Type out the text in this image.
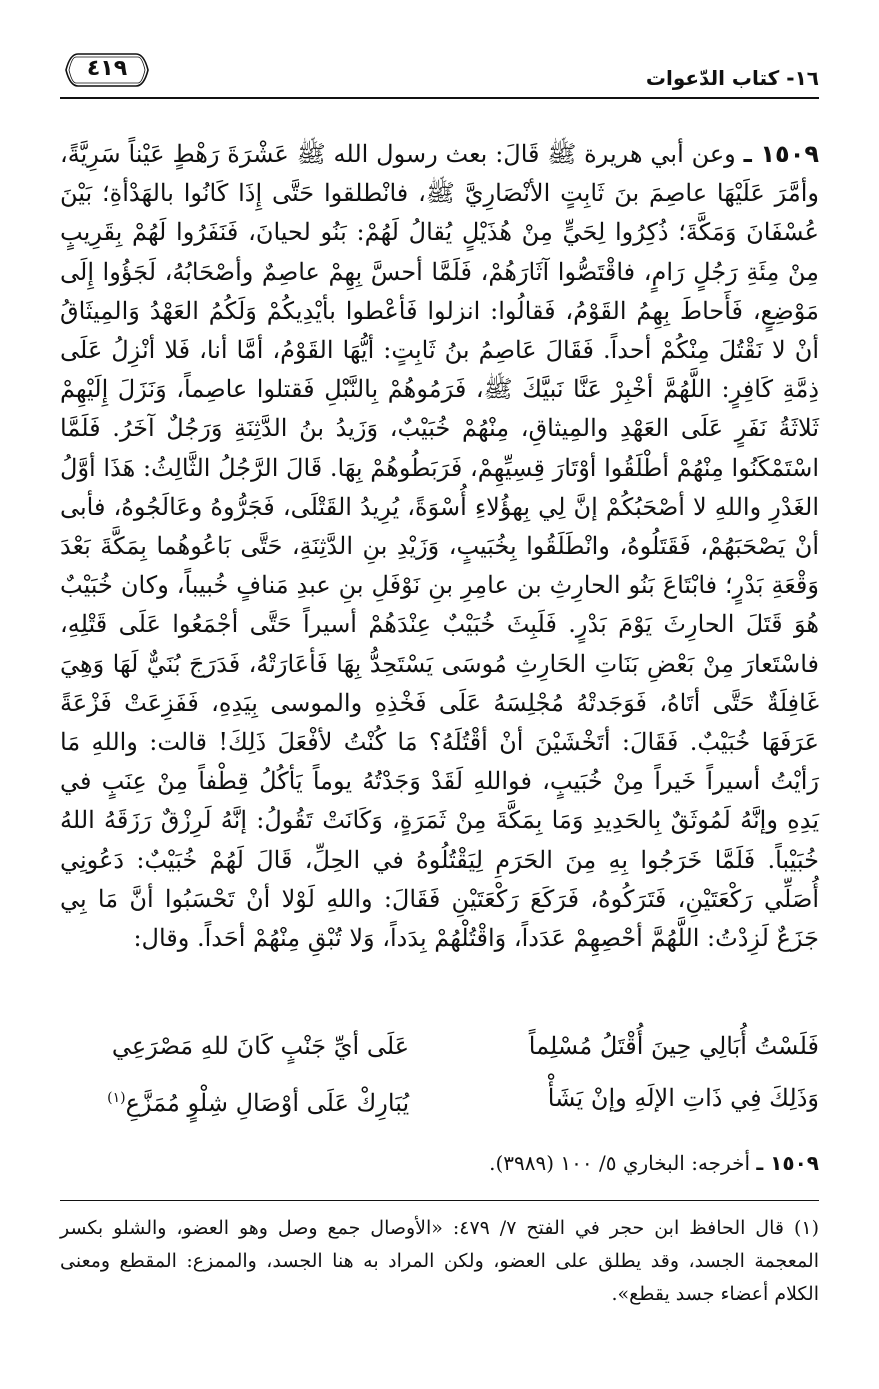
١٦- كتاب الدّعوات
٤١٩
١٥٠٩ ـ وعن أبي هريرة ﷺ قَالَ: بعث رسول الله ﷺ عَشْرَةَ رَهْطٍ عَيْناً سَرِيَّةً، وأمَّرَ عَلَيْهَا عاصِمَ بنَ ثَابِتٍ الأنْصَارِيَّ ﷺ، فانْطلقوا حَتَّى إِذَا كَانُوا بالهَدْأةِ؛ بَيْنَ عُسْفَانَ وَمَكَّةَ؛ ذُكِرُوا لِحَيٍّ مِنْ هُذَيْلٍ يُقالُ لَهُمْ: بَنُو لحيانَ، فَنَفَرُوا لَهُمْ بِقَرِيبٍ مِنْ مِئَةِ رَجُلٍ رَامٍ، فاقْتَصُّوا آثَارَهُمْ، فَلَمَّا أحسَّ بِهِمْ عاصِمٌ وأصْحَابُهُ، لَجَؤُوا إِلَى مَوْضِعٍ، فَأَحاطَ بِهِمُ القَوْمُ، فَقالُوا: انزلوا فَأعْطوا بأيْدِيكُمْ وَلَكُمُ العَهْدُ وَالمِيثَاقُ أنْ لا نَقْتُلَ مِنْكُمْ أحداً. فَقَالَ عَاصِمُ بنُ ثَابِتٍ: أيُّهَا القَوْمُ، أمَّا أنا، فَلا أنْزِلُ عَلَى ذِمَّةِ كَافِرٍ: اللَّهُمَّ أخْبِرْ عَنَّا نَبيَّكَ ﷺ، فَرَمُوهُمْ بِالنَّبْلِ فَقتلوا عاصِماً، وَنَزَلَ إِلَيْهِمْ ثَلاثَةُ نَفَرٍ عَلَى العَهْدِ والمِيثاقِ، مِنْهُمْ خُبَيْبٌ، وَزَيدُ بنُ الدَّثِنَةِ وَرَجُلٌ آخَرُ. فَلَمَّا اسْتَمْكَنُوا مِنْهُمْ أطْلَقُوا أوْتَارَ قِسِيِّهِمْ، فَرَبَطُوهُمْ بِهَا. قَالَ الرَّجُلُ الثَّالِثُ: هَذَا أوَّلُ الغَدْرِ واللهِ لا أصْحَبُكُمْ إنَّ لِي بِهؤُلاءِ أُسْوَةً، يُرِيدُ القَتْلَى، فَجَرُّوهُ وعَالَجُوهُ، فأبى أنْ يَصْحَبَهُمْ، فَقَتَلُوهُ، وانْطَلَقُوا بِخُبَيبٍ، وَزَيْدِ بنِ الدَّثِنَةِ، حَتَّى بَاعُوهُما بِمَكَّةَ بَعْدَ وَقْعَةِ بَدْرٍ؛ فابْتَاعَ بَنُو الحارِثِ بن عامِرِ بنِ نَوْفَلِ بنِ عبدِ مَنافٍ خُبيباً، وكان خُبَيْبٌ هُوَ قَتَلَ الحارِثَ يَوْمَ بَدْرٍ. فَلَبِثَ خُبَيْبٌ عِنْدَهُمْ أسيراً حَتَّى أجْمَعُوا عَلَى قَتْلِهِ، فاسْتَعارَ مِنْ بَعْضِ بَنَاتِ الحَارِثِ مُوسَى يَسْتَحِدُّ بِهَا فَأعَارَتْهُ، فَدَرَجَ بُنَيٌّ لَهَا وَهِيَ غَافِلَةٌ حَتَّى أتَاهُ، فَوَجَدتْهُ مُجْلِسَهُ عَلَى فَخْذِهِ والموسى بِيَدِهِ، فَفَزِعَتْ فَزْعَةً عَرَفَهَا خُبَيْبٌ. فَقَالَ: أتَخْشَيْنَ أنْ أقْتُلَهُ؟ مَا كُنْتُ لأفْعَلَ ذَلِكَ! قالت: واللهِ مَا رَأيْتُ أسيراً خَيراً مِنْ خُبَيبٍ، فواللهِ لَقَدْ وَجَدْتُهُ يوماً يَأكُلُ قِطْفاً مِنْ عِنَبٍ في يَدِهِ وإنَّهُ لَمُوثَقٌ بِالحَدِيدِ وَمَا بِمَكَّةَ مِنْ ثَمَرَةٍ، وَكَانَتْ تَقُولُ: إنَّهُ لَرِزْقٌ رَزَقَهُ اللهُ خُبَيْباً. فَلَمَّا خَرَجُوا بِهِ مِنَ الحَرَمِ لِيَقْتُلُوهُ في الحِلِّ، قَالَ لَهُمْ خُبَيْبٌ: دَعُونِي أُصَلِّي رَكْعَتَيْنِ، فَتَرَكُوهُ، فَرَكَعَ رَكْعَتَيْنِ فَقَالَ: واللهِ لَوْلا أنْ تَحْسَبُوا أنَّ مَا بِي جَزَعٌ لَزِدْتُ: اللَّهُمَّ أحْصِهِمْ عَدَداً، وَاقْتُلْهُمْ بِدَداً، وَلا تُبْقِ مِنْهُمْ أحَداً. وقال:
فَلَسْتُ أُبَالِي حِينَ أُقْتَلُ مُسْلِماً
عَلَى أيِّ جَنْبٍ كَانَ للهِ مَصْرَعِي
وَذَلِكَ فِي ذَاتِ الإلَهِ وإنْ يَشَأْ
يُبَارِكْ عَلَى أوْصَالِ شِلْوٍ مُمَزَّعِ$^{(١)}$
١٥٠٩ ـ أخرجه: البخاري ٥/ ١٠٠ (٣٩٨٩).
(١) قال الحافظ ابن حجر في الفتح ٧/ ٤٧٩: «الأوصال جمع وصل وهو العضو، والشلو بكسر المعجمة الجسد، وقد يطلق على العضو، ولكن المراد به هنا الجسد، والممزع: المقطع ومعنى الكلام أعضاء جسد يقطع».
